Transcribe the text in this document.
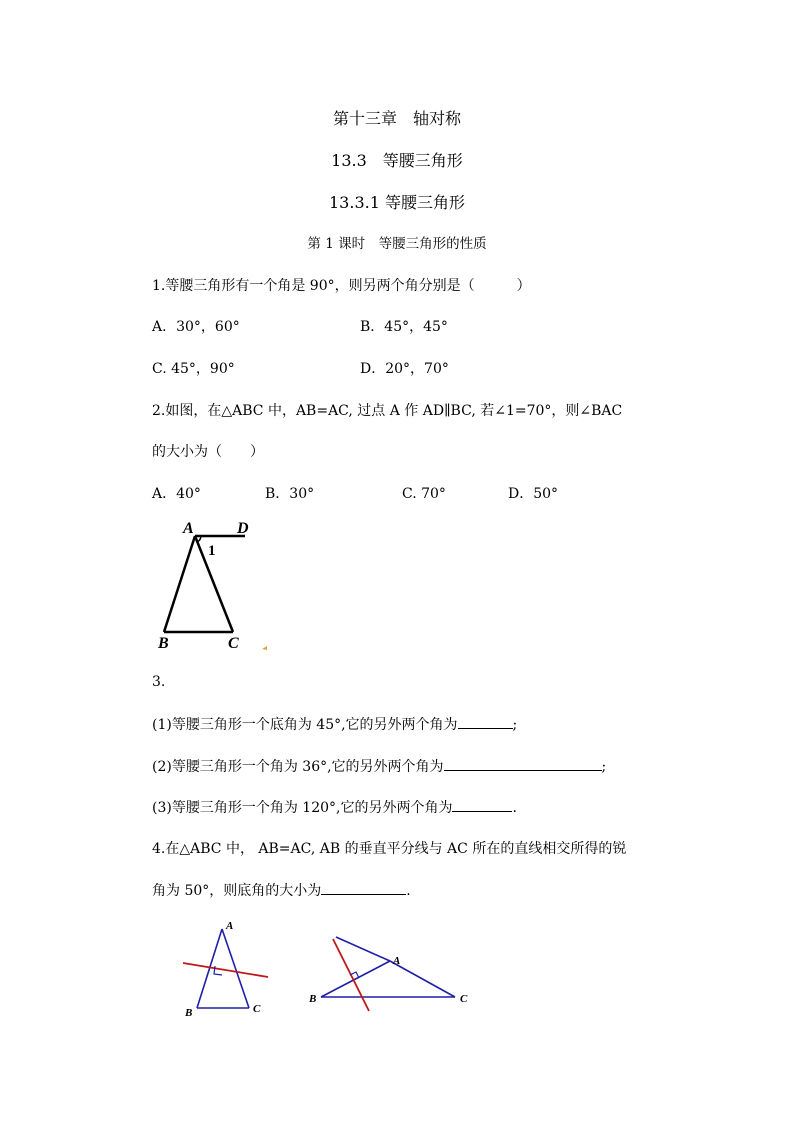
第十三章　轴对称
13.3　等腰三角形
13.3.1 等腰三角形
第 1 课时　等腰三角形的性质
1.等腰三角形有一个角是 90°，则另两个角分别是（　　　）
A．30°，60°	B．45°，45°
C. 45°，90°	D．20°，70°
2.如图，在△ABC 中，AB=AC, 过点 A 作 AD∥BC, 若∠1=70°，则∠BAC
的大小为（　　）
A．40°	B．30°	C. 70°	D．50°
A	D
1
B	C
3.
(1)等腰三角形一个底角为 45°,它的另外两个角为	;
(2)等腰三角形一个角为 36°,它的另外两个角为	;
(3)等腰三角形一个角为 120°,它的另外两个角为	.
4.在△ABC 中， AB=AC, AB 的垂直平分线与 AC 所在的直线相交所得的锐
角为 50°，则底角的大小为	.
A
B	C
A
B	C
